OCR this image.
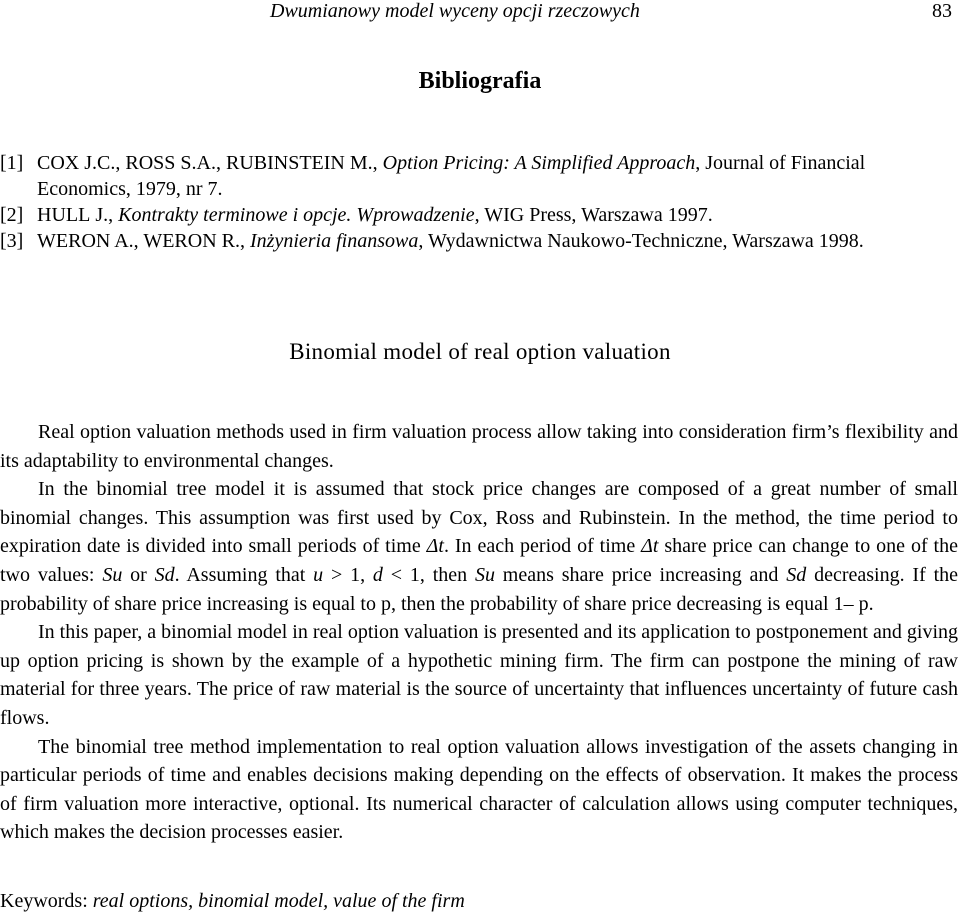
Dwumianowy model wyceny opcji rzeczowych	83
Bibliografia

[1] COX J.C., ROSS S.A., RUBINSTEIN M., Option Pricing: A Simplified Approach, Journal of Financial Economics, 1979, nr 7.

[2] HULL J., Kontrakty terminowe i opcje. Wprowadzenie, WIG Press, Warszawa 1997.

[3] WERON A., WERON R., Inżynieria finansowa, Wydawnictwa Naukowo-Techniczne, Warszawa 1998.

Binomial model of real option valuation

Real option valuation methods used in firm valuation process allow taking into consideration firm’s flexibility and its adaptability to environmental changes.

In the binomial tree model it is assumed that stock price changes are composed of a great number of small binomial changes. This assumption was first used by Cox, Ross and Rubinstein. In the method, the time period to expiration date is divided into small periods of time Δt. In each period of time Δt share price can change to one of the two values: Su or Sd. Assuming that u > 1, d < 1, then Su means share price increasing and Sd decreasing. If the probability of share price increasing is equal to p, then the probability of share price decreasing is equal 1– p.

In this paper, a binomial model in real option valuation is presented and its application to postponement and giving up option pricing is shown by the example of a hypothetic mining firm. The firm can postpone the mining of raw material for three years. The price of raw material is the source of uncertainty that influences uncertainty of future cash flows.

The binomial tree method implementation to real option valuation allows investigation of the assets changing in particular periods of time and enables decisions making depending on the effects of observation. It makes the process of firm valuation more interactive, optional. Its numerical character of calculation allows using computer techniques, which makes the decision processes easier.

Keywords: real options, binomial model, value of the firm
